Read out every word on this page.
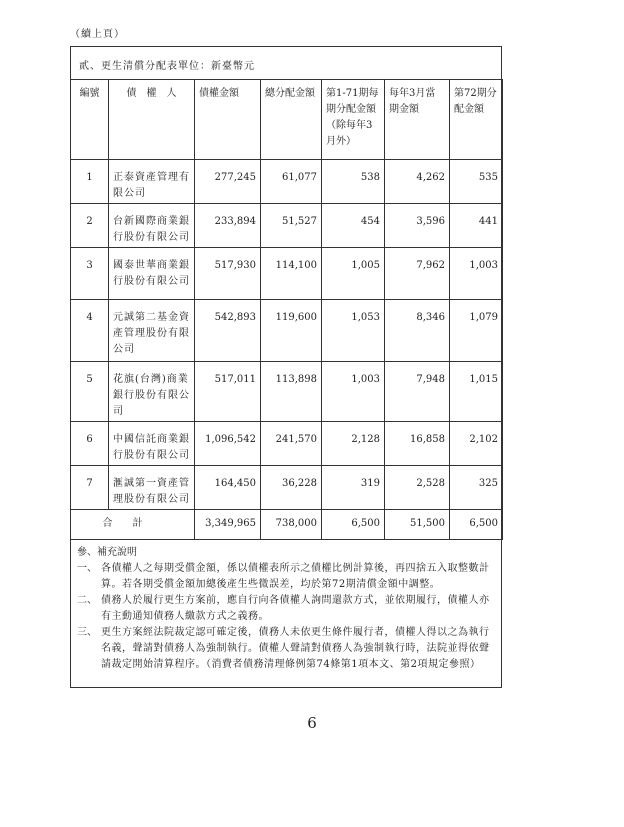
（續上頁）
貳、更生清償分配表單位：新臺幣元
編號	債　權　人	債權金額	總分配金額	第1-71期每期分配金額（除每年3月外）	每年3月當期金額	第72期分配金額
1	正泰資產管理有限公司	277,245	61,077	538	4,262	535
2	台新國際商業銀行股份有限公司	233,894	51,527	454	3,596	441
3	國泰世華商業銀行股份有限公司	517,930	114,100	1,005	7,962	1,003
4	元誠第二基金資產管理股份有限公司	542,893	119,600	1,053	8,346	1,079
5	花旗(台灣)商業銀行股份有限公司	517,011	113,898	1,003	7,948	1,015
6	中國信託商業銀行股份有限公司	1,096,542	241,570	2,128	16,858	2,102
7	滙誠第一資產管理股份有限公司	164,450	36,228	319	2,528	325
合計		3,349,965	738,000	6,500	51,500	6,500

參、補充說明

一、 各債權人之每期受償金額，係以債權表所示之債權比例計算後，再四捨五入取整數計算。若各期受償金額加總後產生些微誤差，均於第72期清償金額中調整。
二、 債務人於履行更生方案前，應自行向各債權人詢問還款方式，並依期履行，債權人亦有主動通知債務人繳款方式之義務。
三、 更生方案經法院裁定認可確定後，債務人未依更生條件履行者，債權人得以之為執行名義，聲請對債務人為強制執行。債權人聲請對債務人為強制執行時，法院並得依聲請裁定開始清算程序。（消費者債務清理條例第74條第1項本文、第2項規定參照）
6
